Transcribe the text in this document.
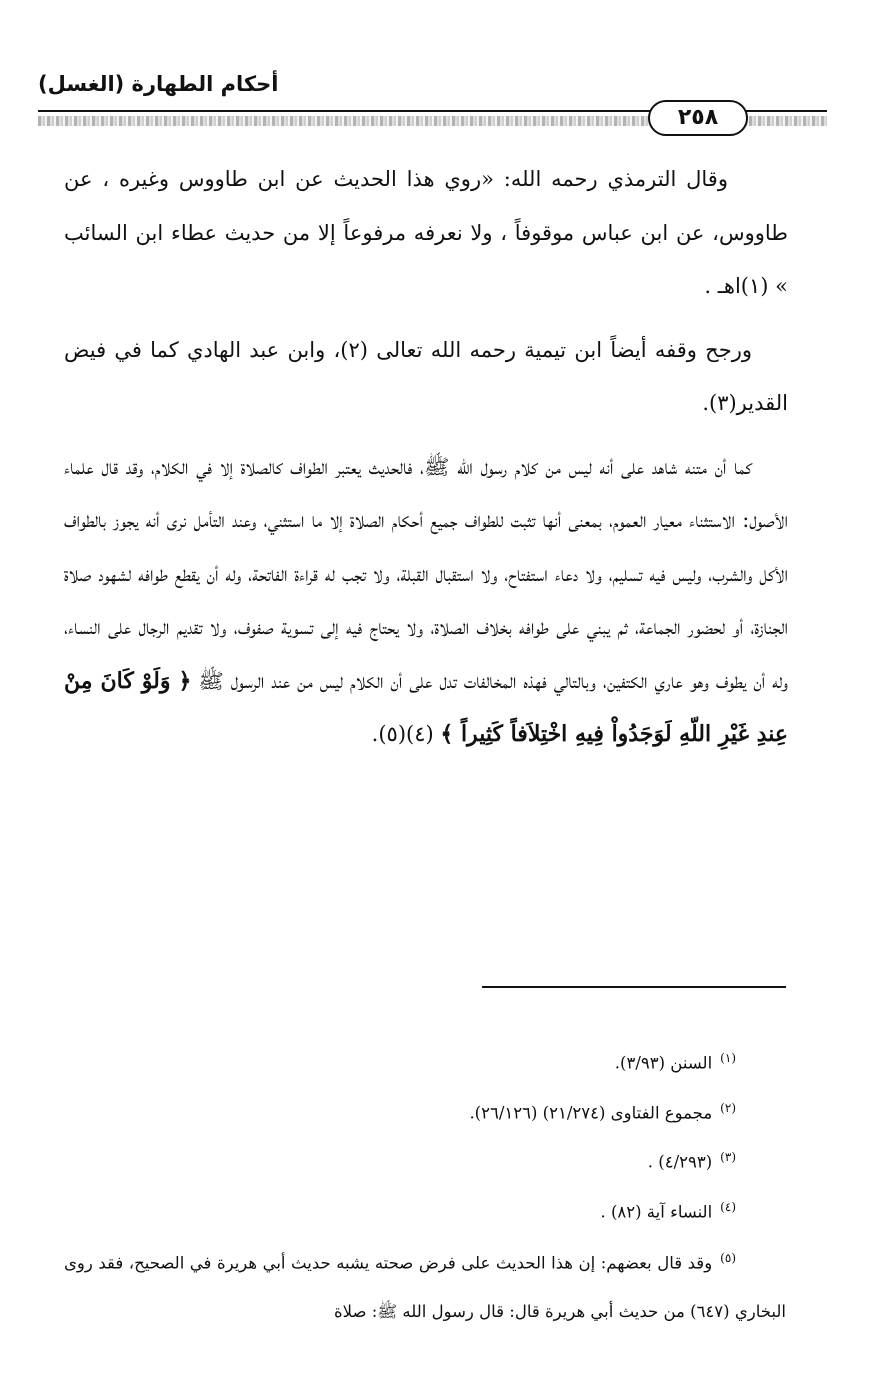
أحكام الطهارة (الغسل)
٢٥٨

وقال الترمذي رحمه الله: «روي هذا الحديث عن ابن طاووس وغيره ، عن طاووس، عن ابن عباس موقوفاً ، ولا نعرفه مرفوعاً إلا من حديث عطاء ابن السائب » (١)اهـ .

ورجح وقفه أيضاً ابن تيمية رحمه الله تعالى (٢)، وابن عبد الهادي كما في فيض القدير(٣).

كما أن متنه شاهد على أنه ليس من كلام رسول الله ﷺ، فالحديث يعتبر الطواف كالصلاة إلا في الكلام، وقد قال علماء الأصول: الاستثناء معيار العموم، بمعنى أنها تثبت للطواف جميع أحكام الصلاة إلا ما استثني، وعند التأمل نرى أنه يجوز بالطواف الأكل والشرب، وليس فيه تسليم، ولا دعاء استفتاح، ولا استقبال القبلة، ولا تجب له قراءة الفاتحة، وله أن يقطع طوافه لشهود صلاة الجنازة، أو لحضور الجماعة، ثم يبني على طوافه بخلاف الصلاة، ولا يحتاج فيه إلى تسوية صفوف، ولا تقديم الرجال على النساء، وله أن يطوف وهو عاري الكتفين، وبالتالي فهذه المخالفات تدل على أن الكلام ليس من عند الرسول ﷺ ﴿ وَلَوْ كَانَ مِنْ عِندِ غَيْرِ اللّهِ لَوَجَدُواْ فِيهِ اخْتِلاَفاً كَثِيراً ﴾ (٤)(٥).

$^{(١)}$السنن (٣/٩٣).

$^{(٢)}$مجموع الفتاوى (٢١/٢٧٤) (٢٦/١٢٦).

$^{(٣)}$(٤/٢٩٣) .

$^{(٤)}$النساء آية (٨٢) .

$^{(٥)}$وقد قال بعضهم: إن هذا الحديث على فرض صحته يشبه حديث أبي هريرة في الصحيح، فقد روى البخاري (٦٤٧) من حديث أبي هريرة قال: قال رسول الله ﷺ: صلاة
